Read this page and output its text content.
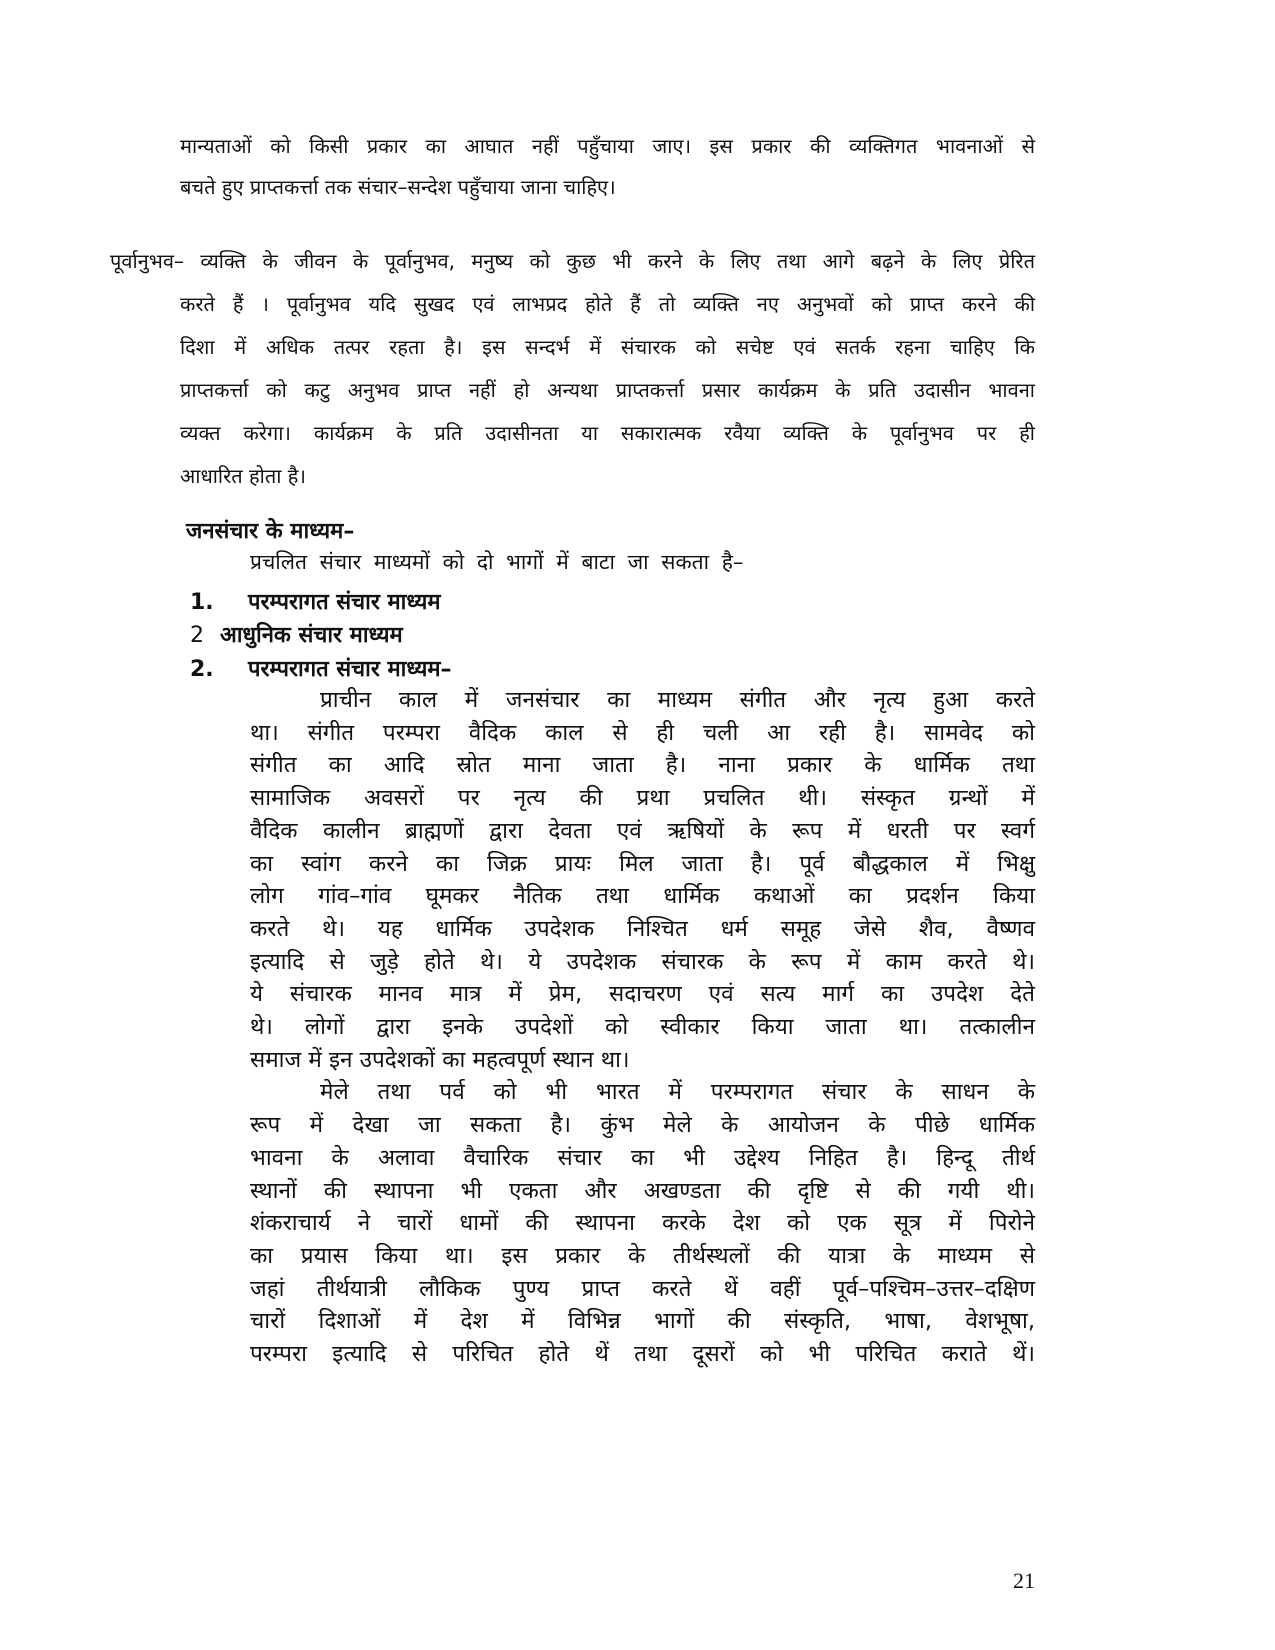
मान्यताओं को किसी प्रकार का आघात नहीं पहुँचाया जाए। इस प्रकार की व्यक्तिगत भावनाओं से
बचते हुए प्राप्तकर्त्ता तक संचार–सन्देश पहुँचाया जाना चाहिए।
पूर्वानुभव– व्यक्ति के जीवन के पूर्वानुभव, मनुष्य को कुछ भी करने के लिए तथा आगे बढ़ने के लिए प्रेरित
करते हैं । पूर्वानुभव यदि सुखद एवं लाभप्रद होते हैं तो व्यक्ति नए अनुभवों को प्राप्त करने की
दिशा में अधिक तत्पर रहता है। इस सन्दर्भ में संचारक को सचेष्ट एवं सतर्क रहना चाहिए कि
प्राप्तकर्त्ता को कटु अनुभव प्राप्त नहीं हो अन्यथा प्राप्तकर्त्ता प्रसार कार्यक्रम के प्रति उदासीन भावना
व्यक्त करेगा। कार्यक्रम के प्रति उदासीनता या सकारात्मक रवैया व्यक्ति के पूर्वानुभव पर ही
आधारित होता है।
जनसंचार के माध्यम–

प्रचलित संचार माध्यमों को दो भागों में बाटा जा सकता है–

1. परम्परागत संचार माध्यम
2 आधुनिक संचार माध्यम
2. परम्परागत संचार माध्यम–
प्राचीन काल में जनसंचार का माध्यम संगीत और नृत्य हुआ करते
था। संगीत परम्परा वैदिक काल से ही चली आ रही है। सामवेद को
संगीत का आदि स्रोत माना जाता है। नाना प्रकार के धार्मिक तथा
सामाजिक अवसरों पर नृत्य की प्रथा प्रचलित थी। संस्कृत ग्रन्थों में
वैदिक कालीन ब्राह्मणों द्वारा देवता एवं ऋषियों के रूप में धरती पर स्वर्ग
का स्वांग करने का जिक्र प्रायः मिल जाता है। पूर्व बौद्धकाल में भिक्षु
लोग गांव–गांव घूमकर नैतिक तथा धार्मिक कथाओं का प्रदर्शन किया
करते थे। यह धार्मिक उपदेशक निश्चित धर्म समूह जेसे शैव, वैष्णव
इत्यादि से जुड़े होते थे। ये उपदेशक संचारक के रूप में काम करते थे।
ये संचारक मानव मात्र में प्रेम, सदाचरण एवं सत्य मार्ग का उपदेश देते
थे। लोगों द्वारा इनके उपदेशों को स्वीकार किया जाता था। तत्कालीन
समाज में इन उपदेशकों का महत्वपूर्ण स्थान था।
मेले तथा पर्व को भी भारत में परम्परागत संचार के साधन के
रूप में देखा जा सकता है। कुंभ मेले के आयोजन के पीछे धार्मिक
भावना के अलावा वैचारिक संचार का भी उद्देश्य निहित है। हिन्दू तीर्थ
स्थानों की स्थापना भी एकता और अखण्डता की दृष्टि से की गयी थी।
शंकराचार्य ने चारों धामों की स्थापना करके देश को एक सूत्र में पिरोने
का प्रयास किया था। इस प्रकार के तीर्थस्थलों की यात्रा के माध्यम से
जहां तीर्थयात्री लौकिक पुण्य प्राप्त करते थें वहीं पूर्व–पश्चिम–उत्तर–दक्षिण
चारों दिशाओं में देश में विभिन्न भागों की संस्कृति, भाषा, वेशभूषा,
परम्परा इत्यादि से परिचित होते थें तथा दूसरों को भी परिचित कराते थें।

21
